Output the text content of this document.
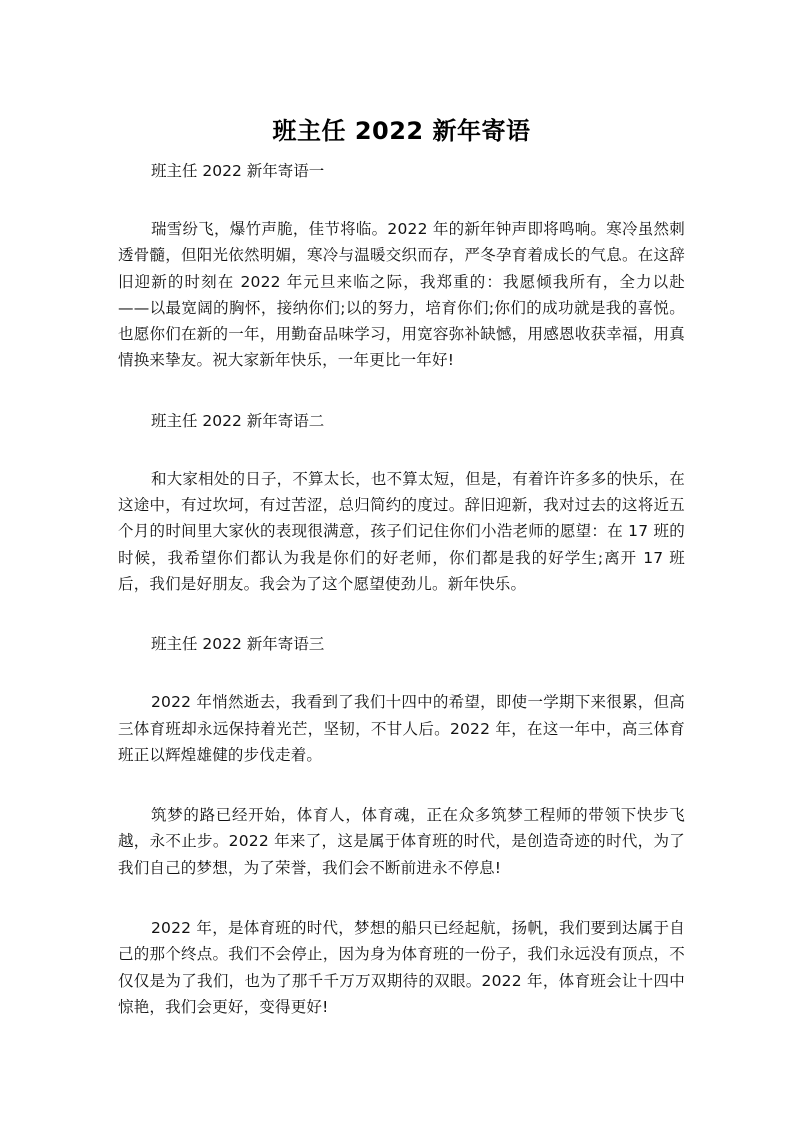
班主任 2022 新年寄语

班主任 2022 新年寄语一

瑞雪纷飞，爆竹声脆，佳节将临。2022 年的新年钟声即将鸣响。寒冷虽然刺透骨髓，但阳光依然明媚，寒冷与温暖交织而存，严冬孕育着成长的气息。在这辞旧迎新的时刻在 2022 年元旦来临之际，我郑重的：我愿倾我所有，全力以赴——以最宽阔的胸怀，接纳你们;以的努力，培育你们;你们的成功就是我的喜悦。也愿你们在新的一年，用勤奋品味学习，用宽容弥补缺憾，用感恩收获幸福，用真情换来挚友。祝大家新年快乐，一年更比一年好!

班主任 2022 新年寄语二

和大家相处的日子，不算太长，也不算太短，但是，有着许许多多的快乐，在这途中，有过坎坷，有过苦涩，总归简约的度过。辞旧迎新，我对过去的这将近五个月的时间里大家伙的表现很满意，孩子们记住你们小浩老师的愿望：在 17 班的时候，我希望你们都认为我是你们的好老师，你们都是我的好学生;离开 17 班后，我们是好朋友。我会为了这个愿望使劲儿。新年快乐。

班主任 2022 新年寄语三

2022 年悄然逝去，我看到了我们十四中的希望，即使一学期下来很累，但高三体育班却永远保持着光芒，坚韧，不甘人后。2022 年，在这一年中，高三体育班正以辉煌雄健的步伐走着。

筑梦的路已经开始，体育人，体育魂，正在众多筑梦工程师的带领下快步飞越，永不止步。2022 年来了，这是属于体育班的时代，是创造奇迹的时代，为了我们自己的梦想，为了荣誉，我们会不断前进永不停息!

2022 年，是体育班的时代，梦想的船只已经起航，扬帆，我们要到达属于自己的那个终点。我们不会停止，因为身为体育班的一份子，我们永远没有顶点，不仅仅是为了我们，也为了那千千万万双期待的双眼。2022 年，体育班会让十四中惊艳，我们会更好，变得更好!
